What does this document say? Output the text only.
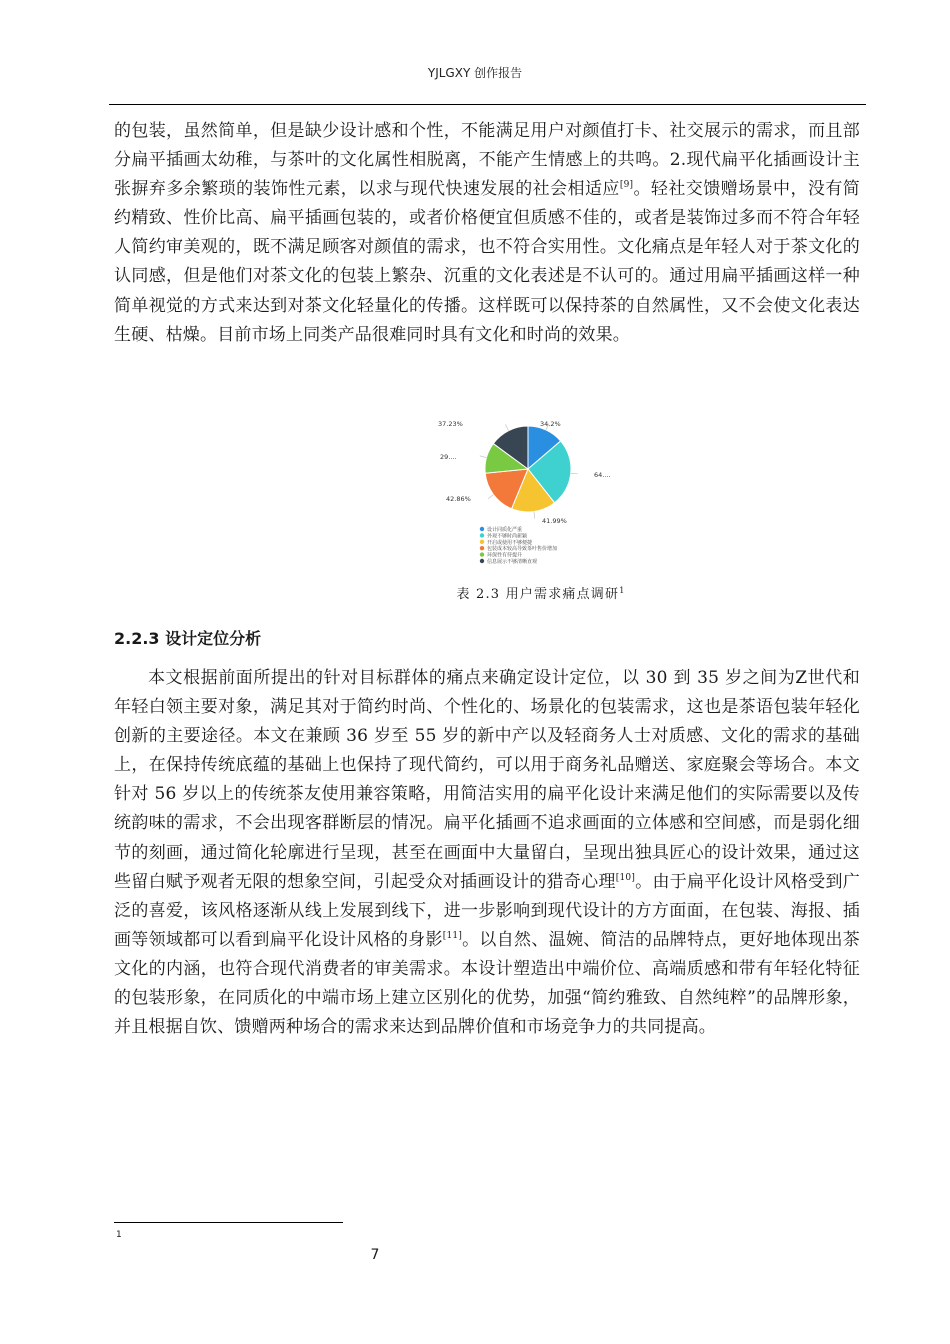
YJLGXY 创作报告

的包装，虽然简单，但是缺少设计感和个性，不能满足用户对颜值打卡、社交展示的需求，而且部分扁平插画太幼稚，与茶叶的文化属性相脱离，不能产生情感上的共鸣。2.现代扁平化插画设计主张摒弃多余繁琐的装饰性元素，以求与现代快速发展的社会相适应[9]。轻社交馈赠场景中，没有简约精致、性价比高、扁平插画包装的，或者价格便宜但质感不佳的，或者是装饰过多而不符合年轻人简约审美观的，既不满足顾客对颜值的需求，也不符合实用性。文化痛点是年轻人对于茶文化的认同感，但是他们对茶文化的包装上繁杂、沉重的文化表述是不认可的。通过用扁平插画这样一种简单视觉的方式来达到对茶文化轻量化的传播。这样既可以保持茶的自然属性，又不会使文化表达生硬、枯燥。目前市场上同类产品很难同时具有文化和时尚的效果。

34.2%
64....
41.99%
42.86%
29....
37.23%
设计同质化严重
外观不够时尚新颖
开启或使用不够便捷
包装成本较高导致茶叶售价增加
环保性有待提升
信息展示不够清晰直观
表 2.3 用户需求痛点调研$^1$
2.2.3 设计定位分析

本文根据前面所提出的针对目标群体的痛点来确定设计定位，以 30 到 35 岁之间为Z世代和年轻白领主要对象，满足其对于简约时尚、个性化的、场景化的包装需求，这也是茶语包装年轻化创新的主要途径。本文在兼顾 36 岁至 55 岁的新中产以及轻商务人士对质感、文化的需求的基础上，在保持传统底蕴的基础上也保持了现代简约，可以用于商务礼品赠送、家庭聚会等场合。本文针对 56 岁以上的传统茶友使用兼容策略，用简洁实用的扁平化设计来满足他们的实际需要以及传统韵味的需求，不会出现客群断层的情况。扁平化插画不追求画面的立体感和空间感，而是弱化细节的刻画，通过简化轮廓进行呈现，甚至在画面中大量留白，呈现出独具匠心的设计效果，通过这些留白赋予观者无限的想象空间，引起受众对插画设计的猎奇心理[10]。由于扁平化设计风格受到广泛的喜爱，该风格逐渐从线上发展到线下，进一步影响到现代设计的方方面面，在包装、海报、插画等领域都可以看到扁平化设计风格的身影[11]。以自然、温婉、简洁的品牌特点，更好地体现出茶文化的内涵，也符合现代消费者的审美需求。本设计塑造出中端价位、高端质感和带有年轻化特征的包装形象，在同质化的中端市场上建立区别化的优势，加强“简约雅致、自然纯粹”的品牌形象，并且根据自饮、馈赠两种场合的需求来达到品牌价值和市场竞争力的共同提高。

1
7
